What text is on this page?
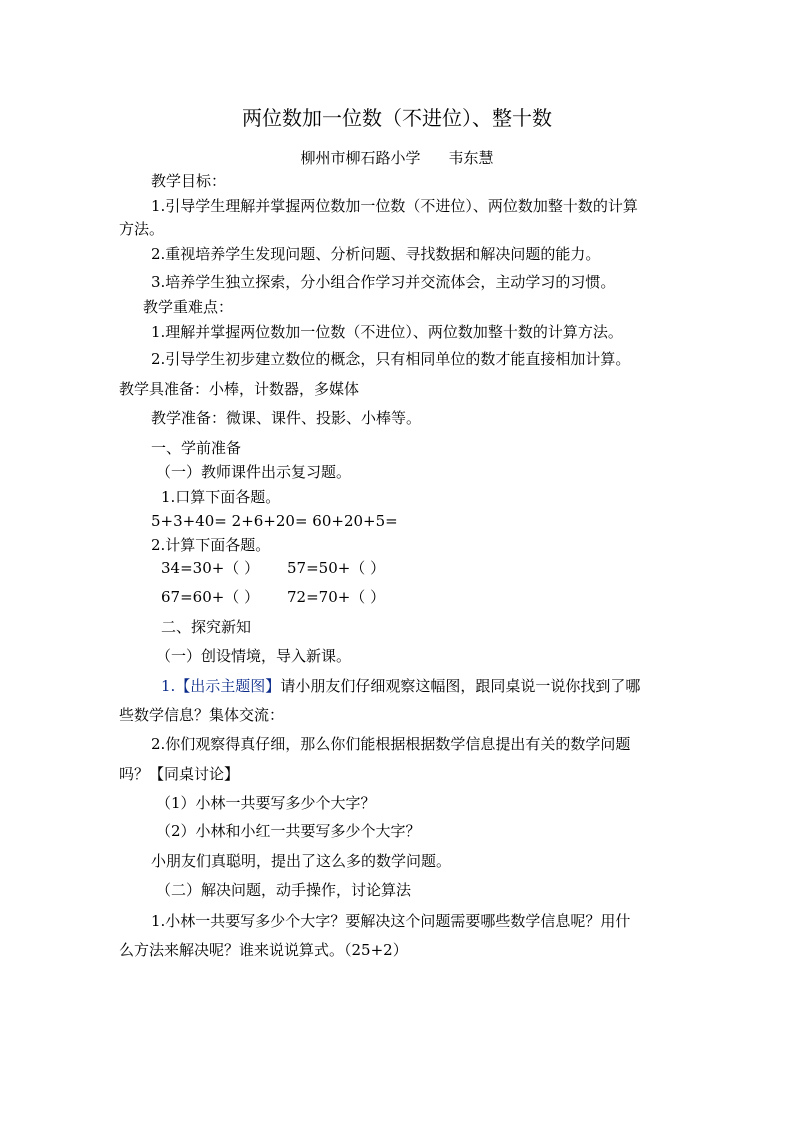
两位数加一位数（不进位）、整十数
柳州市柳石路小学 韦东慧
教学目标：
1.引导学生理解并掌握两位数加一位数（不进位）、两位数加整十数的计算
方法。
2.重视培养学生发现问题、分析问题、寻找数据和解决问题的能力。
3.培养学生独立探索，分小组合作学习并交流体会，主动学习的习惯。
教学重难点：
1.理解并掌握两位数加一位数（不进位）、两位数加整十数的计算方法。
2.引导学生初步建立数位的概念，只有相同单位的数才能直接相加计算。
教学具准备：小棒，计数器，多媒体
教学准备：微课、课件、投影、小棒等。
一、学前准备
（一）教师课件出示复习题。
1.口算下面各题。
5+3+40= 2+6+20= 60+20+5=
2.计算下面各题。
34=30+（ ） 57=50+（ ）
67=60+（ ） 72=70+（ ）
二、探究新知
（一）创设情境，导入新课。
1.【出示主题图】请小朋友们仔细观察这幅图，跟同桌说一说你找到了哪
些数学信息？集体交流：
2.你们观察得真仔细，那么你们能根据根据数学信息提出有关的数学问题
吗？【同桌讨论】
（1）小林一共要写多少个大字？
（2）小林和小红一共要写多少个大字？
小朋友们真聪明，提出了这么多的数学问题。
（二）解决问题，动手操作，讨论算法
1.小林一共要写多少个大字？要解决这个问题需要哪些数学信息呢？用什
么方法来解决呢？谁来说说算式。（25+2）
